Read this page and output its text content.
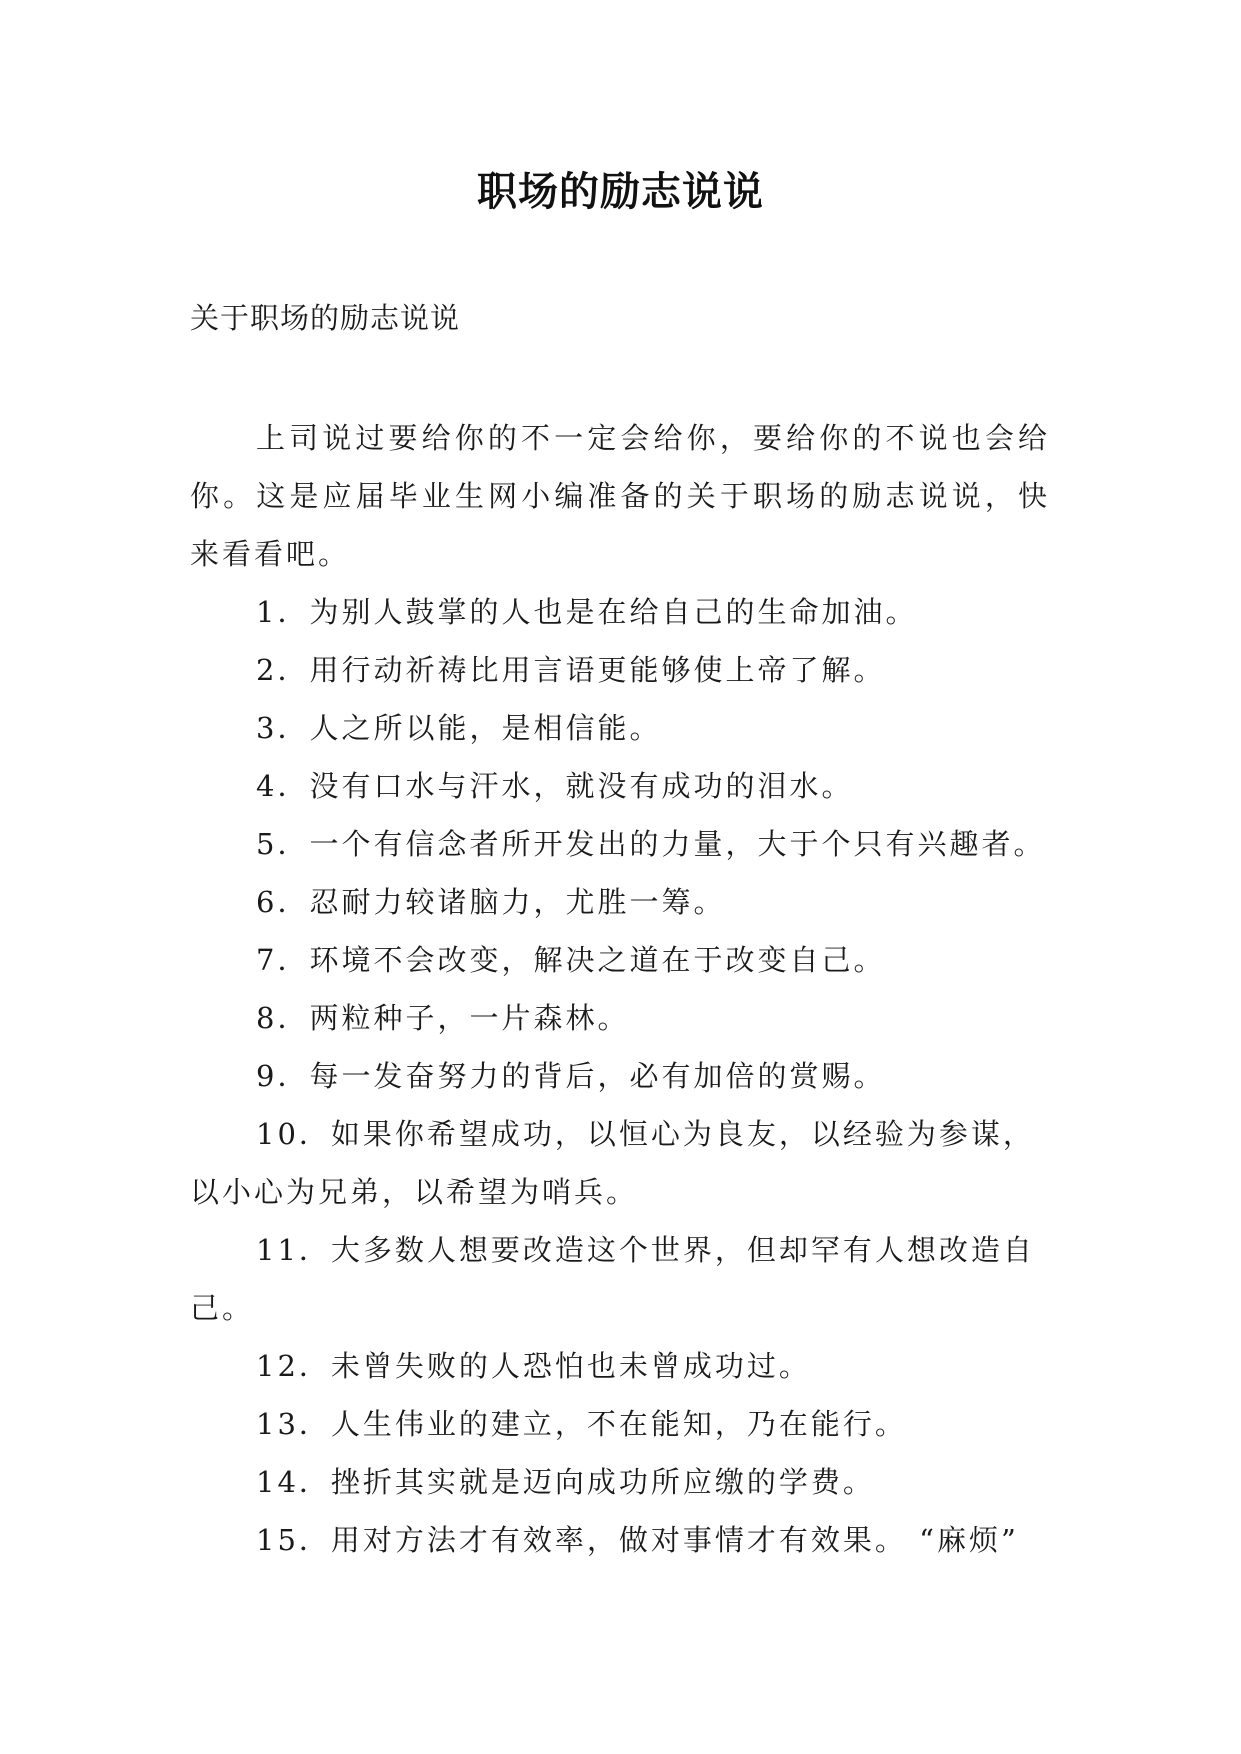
职场的励志说说
关于职场的励志说说

上司说过要给你的不一定会给你，要给你的不说也会给你。这是应届毕业生网小编准备的关于职场的励志说说，快来看看吧。

1．为别人鼓掌的人也是在给自己的生命加油。

2．用行动祈祷比用言语更能够使上帝了解。

3．人之所以能，是相信能。

4．没有口水与汗水，就没有成功的泪水。

5．一个有信念者所开发出的力量，大于个只有兴趣者。

6．忍耐力较诸脑力，尤胜一筹。

7．环境不会改变，解决之道在于改变自己。

8．两粒种子，一片森林。

9．每一发奋努力的背后，必有加倍的赏赐。

10．如果你希望成功，以恒心为良友，以经验为参谋，以小心为兄弟，以希望为哨兵。

11．大多数人想要改造这个世界，但却罕有人想改造自己。

12．未曾失败的人恐怕也未曾成功过。

13．人生伟业的建立，不在能知，乃在能行。

14．挫折其实就是迈向成功所应缴的学费。

15．用对方法才有效率，做对事情才有效果。 “麻烦”
